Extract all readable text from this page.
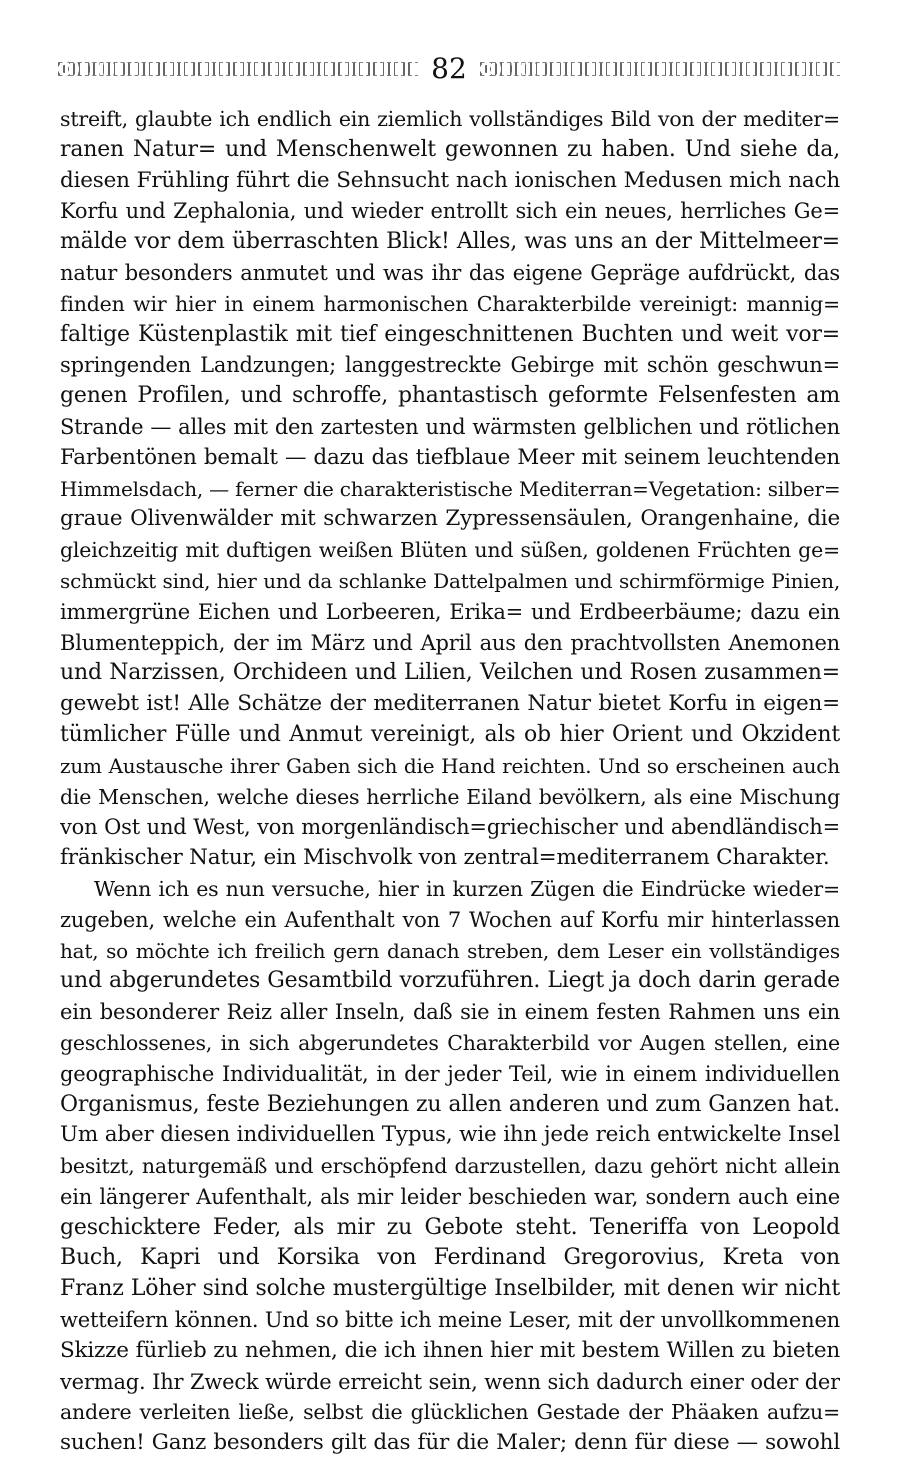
82
streift, glaubte ich endlich ein ziemlich vollständiges Bild von der mediter=
ranen Natur= und Menschenwelt gewonnen zu haben. Und siehe da,
diesen Frühling führt die Sehnsucht nach ionischen Medusen mich nach
Korfu und Zephalonia, und wieder entrollt sich ein neues, herrliches Ge=
mälde vor dem überraschten Blick! Alles, was uns an der Mittelmeer=
natur besonders anmutet und was ihr das eigene Gepräge aufdrückt, das
finden wir hier in einem harmonischen Charakterbilde vereinigt: mannig=
faltige Küstenplastik mit tief eingeschnittenen Buchten und weit vor=
springenden Landzungen; langgestreckte Gebirge mit schön geschwun=
genen Profilen, und schroffe, phantastisch geformte Felsenfesten am
Strande — alles mit den zartesten und wärmsten gelblichen und rötlichen
Farbentönen bemalt — dazu das tiefblaue Meer mit seinem leuchtenden
Himmelsdach, — ferner die charakteristische Mediterran=Vegetation: silber=
graue Olivenwälder mit schwarzen Zypressensäulen, Orangenhaine, die
gleichzeitig mit duftigen weißen Blüten und süßen, goldenen Früchten ge=
schmückt sind, hier und da schlanke Dattelpalmen und schirmförmige Pinien,
immergrüne Eichen und Lorbeeren, Erika= und Erdbeerbäume; dazu ein
Blumenteppich, der im März und April aus den prachtvollsten Anemonen
und Narzissen, Orchideen und Lilien, Veilchen und Rosen zusammen=
gewebt ist! Alle Schätze der mediterranen Natur bietet Korfu in eigen=
tümlicher Fülle und Anmut vereinigt, als ob hier Orient und Okzident
zum Austausche ihrer Gaben sich die Hand reichten. Und so erscheinen auch
die Menschen, welche dieses herrliche Eiland bevölkern, als eine Mischung
von Ost und West, von morgenländisch=griechischer und abendländisch=
fränkischer Natur, ein Mischvolk von zentral=mediterranem Charakter.
Wenn ich es nun versuche, hier in kurzen Zügen die Eindrücke wieder=
zugeben, welche ein Aufenthalt von 7 Wochen auf Korfu mir hinterlassen
hat, so möchte ich freilich gern danach streben, dem Leser ein vollständiges
und abgerundetes Gesamtbild vorzuführen. Liegt ja doch darin gerade
ein besonderer Reiz aller Inseln, daß sie in einem festen Rahmen uns ein
geschlossenes, in sich abgerundetes Charakterbild vor Augen stellen, eine
geographische Individualität, in der jeder Teil, wie in einem individuellen
Organismus, feste Beziehungen zu allen anderen und zum Ganzen hat.
Um aber diesen individuellen Typus, wie ihn jede reich entwickelte Insel
besitzt, naturgemäß und erschöpfend darzustellen, dazu gehört nicht allein
ein längerer Aufenthalt, als mir leider beschieden war, sondern auch eine
geschicktere Feder, als mir zu Gebote steht. Teneriffa von Leopold
Buch, Kapri und Korsika von Ferdinand Gregorovius, Kreta von
Franz Löher sind solche mustergültige Inselbilder, mit denen wir nicht
wetteifern können. Und so bitte ich meine Leser, mit der unvollkommenen
Skizze fürlieb zu nehmen, die ich ihnen hier mit bestem Willen zu bieten
vermag. Ihr Zweck würde erreicht sein, wenn sich dadurch einer oder der
andere verleiten ließe, selbst die glücklichen Gestade der Phäaken aufzu=
suchen! Ganz besonders gilt das für die Maler; denn für diese — sowohl
